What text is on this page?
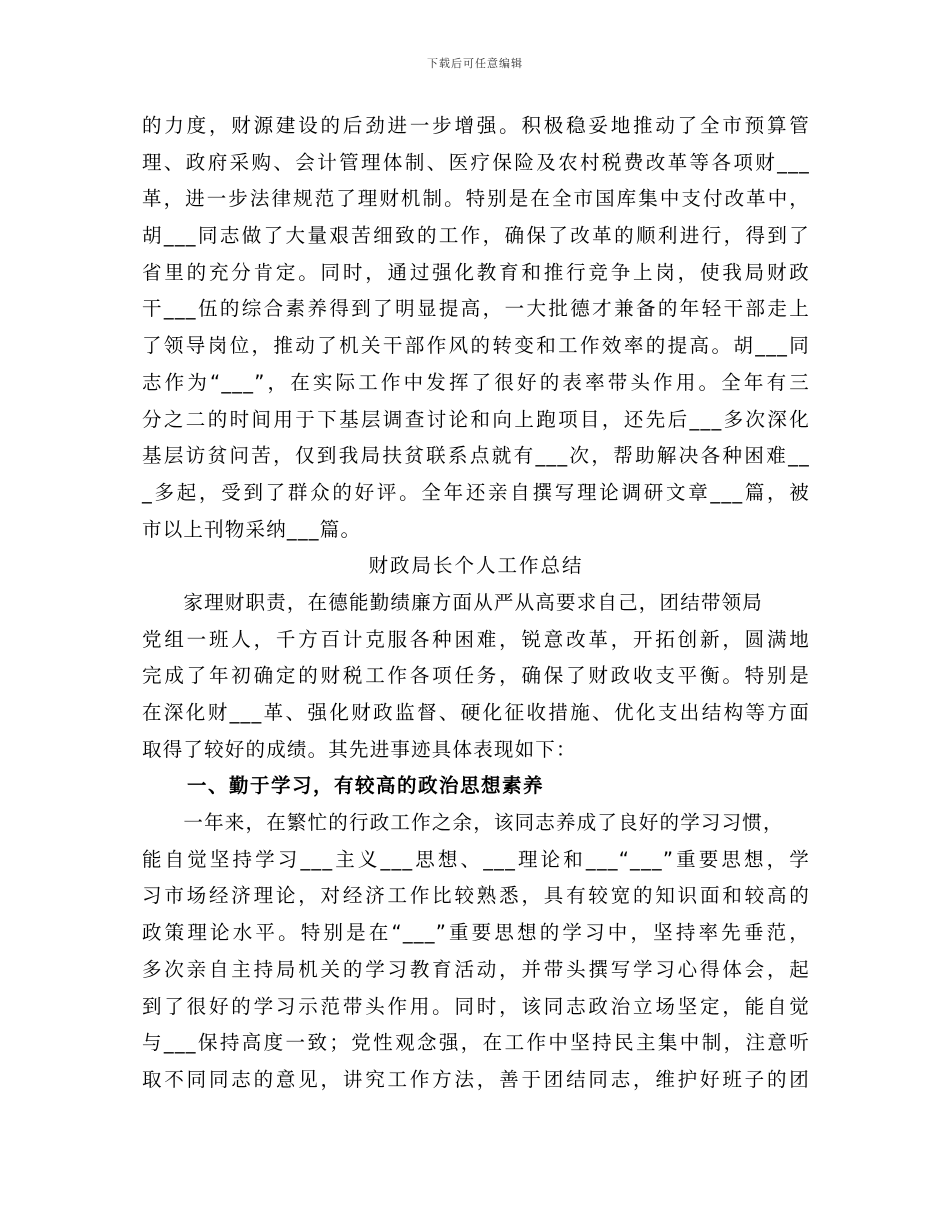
下载后可任意编辑
的力度，财源建设的后劲进一步增强。积极稳妥地推动了全市预算管
理、政府采购、会计管理体制、医疗保险及农村税费改革等各项财___
革，进一步法律规范了理财机制。特别是在全市国库集中支付改革中，
胡___同志做了大量艰苦细致的工作，确保了改革的顺利进行，得到了
省里的充分肯定。同时，通过强化教育和推行竞争上岗，使我局财政
干___伍的综合素养得到了明显提高，一大批德才兼备的年轻干部走上
了领导岗位，推动了机关干部作风的转变和工作效率的提高。胡___同
志作为“___”，在实际工作中发挥了很好的表率带头作用。全年有三
分之二的时间用于下基层调查讨论和向上跑项目，还先后___多次深化
基层访贫问苦，仅到我局扶贫联系点就有___次，帮助解决各种困难__
_多起，受到了群众的好评。全年还亲自撰写理论调研文章___篇，被
市以上刊物采纳___篇。
财政局长个人工作总结
　　家理财职责，在德能勤绩廉方面从严从高要求自己，团结带领局
党组一班人，千方百计克服各种困难，锐意改革，开拓创新，圆满地
完成了年初确定的财税工作各项任务，确保了财政收支平衡。特别是
在深化财___革、强化财政监督、硬化征收措施、优化支出结构等方面
取得了较好的成绩。其先进事迹具体表现如下：
一、勤于学习，有较高的政治思想素养
　　一年来，在繁忙的行政工作之余，该同志养成了良好的学习习惯，
能自觉坚持学习___主义___思想、___理论和___“___”重要思想，学
习市场经济理论，对经济工作比较熟悉，具有较宽的知识面和较高的
政策理论水平。特别是在“___”重要思想的学习中，坚持率先垂范，
多次亲自主持局机关的学习教育活动，并带头撰写学习心得体会，起
到了很好的学习示范带头作用。同时，该同志政治立场坚定，能自觉
与___保持高度一致；党性观念强，在工作中坚持民主集中制，注意听
取不同同志的意见，讲究工作方法，善于团结同志，维护好班子的团
